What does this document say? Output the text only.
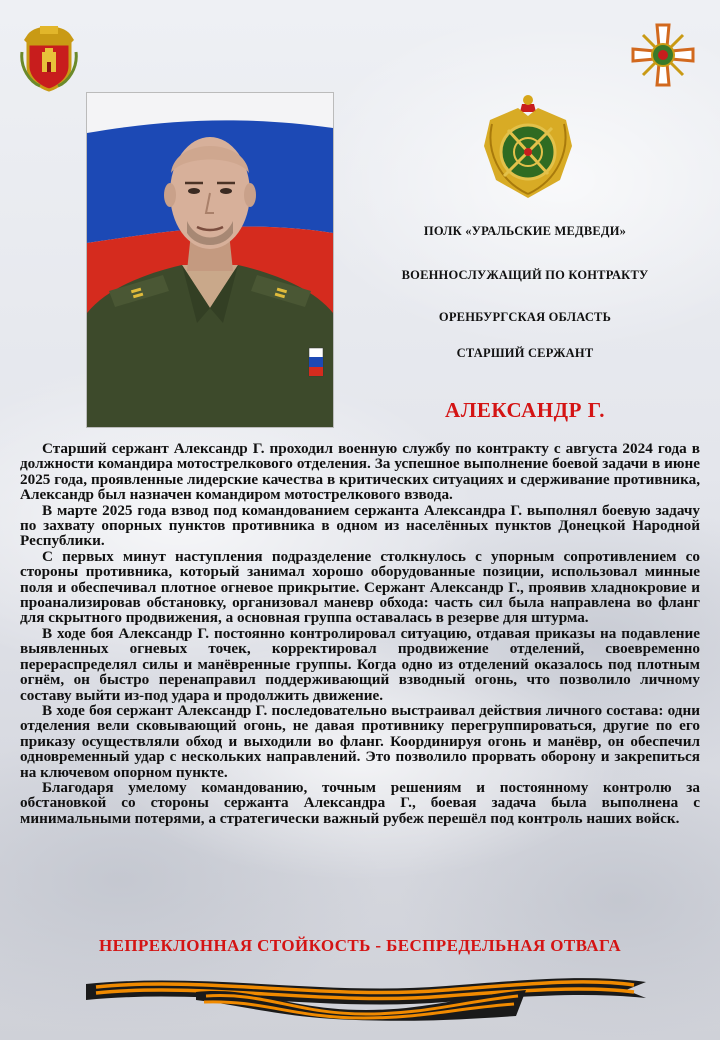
ПОЛК «УРАЛЬСКИЕ МЕДВЕДИ»
ВОЕННОСЛУЖАЩИЙ ПО КОНТРАКТУ
ОРЕНБУРГСКАЯ ОБЛАСТЬ
СТАРШИЙ СЕРЖАНТ
АЛЕКСАНДР Г.

Старший сержант Александр Г. проходил военную службу по контракту с августа 2024 года в должности командира мотострелкового отделения. За успешное выполнение боевой задачи в июне 2025 года, проявленные лидерские качества в критических ситуациях и сдерживание противника, Александр был назначен командиром мотострелкового взвода.

В марте 2025 года взвод под командованием сержанта Александра Г. выполнял боевую задачу по захвату опорных пунктов противника в одном из населённых пунктов Донецкой Народной Республики.

С первых минут наступления подразделение столкнулось с упорным сопротивлением со стороны противника, который занимал хорошо оборудованные позиции, использовал минные поля и обеспечивал плотное огневое прикрытие. Сержант Александр Г., проявив хладнокровие и проанализировав обстановку, организовал маневр обхода: часть сил была направлена во фланг для скрытного продвижения, а основная группа оставалась в резерве для штурма.

В ходе боя Александр Г. постоянно контролировал ситуацию, отдавая приказы на подавление выявленных огневых точек, корректировал продвижение отделений, своевременно перераспределял силы и манёвренные группы. Когда одно из отделений оказалось под плотным огнём, он быстро перенаправил поддерживающий взводный огонь, что позволило личному составу выйти из-под удара и продолжить движение.

В ходе боя сержант Александр Г. последовательно выстраивал действия личного состава: одни отделения вели сковывающий огонь, не давая противнику перегруппироваться, другие по его приказу осуществляли обход и выходили во фланг. Координируя огонь и манёвр, он обеспечил одновременный удар с нескольких направлений. Это позволило прорвать оборону и закрепиться на ключевом опорном пункте.

Благодаря умелому командованию, точным решениям и постоянному контролю за обстановкой со стороны сержанта Александра Г., боевая задача была выполнена с минимальными потерями, а стратегически важный рубеж перешёл под контроль наших войск.

НЕПРЕКЛОННАЯ СТОЙКОСТЬ - БЕСПРЕДЕЛЬНАЯ ОТВАГА
